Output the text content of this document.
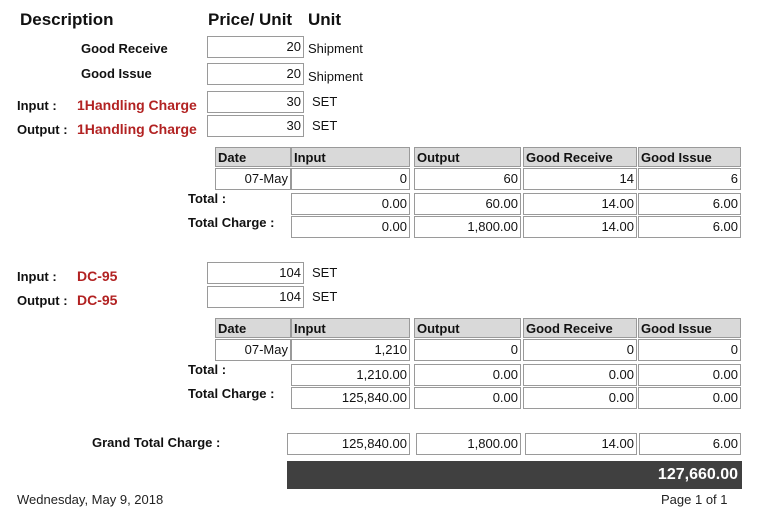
Description	Price/ Unit Unit
Good Receive	20 Shipment
Good Issue	20 Shipment
Input : 1Handling Charge	30 SET
Output : 1Handling Charge	30 SET
Date	Input	Output	Good Receive	Good Issue
07-May	0	60	14	6
Total :	0.00	60.00	14.00	6.00
Total Charge :	0.00	1,800.00	14.00	6.00
Input : DC-95	104 SET
Output : DC-95	104 SET
Date	Input	Output	Good Receive	Good Issue
07-May	1,210	0	0	0
Total :	1,210.00	0.00	0.00	0.00
Total Charge :	125,840.00	0.00	0.00	0.00
Grand Total Charge :	125,840.00	1,800.00	14.00	6.00
127,660.00
Wednesday, May 9, 2018	Page 1 of 1
